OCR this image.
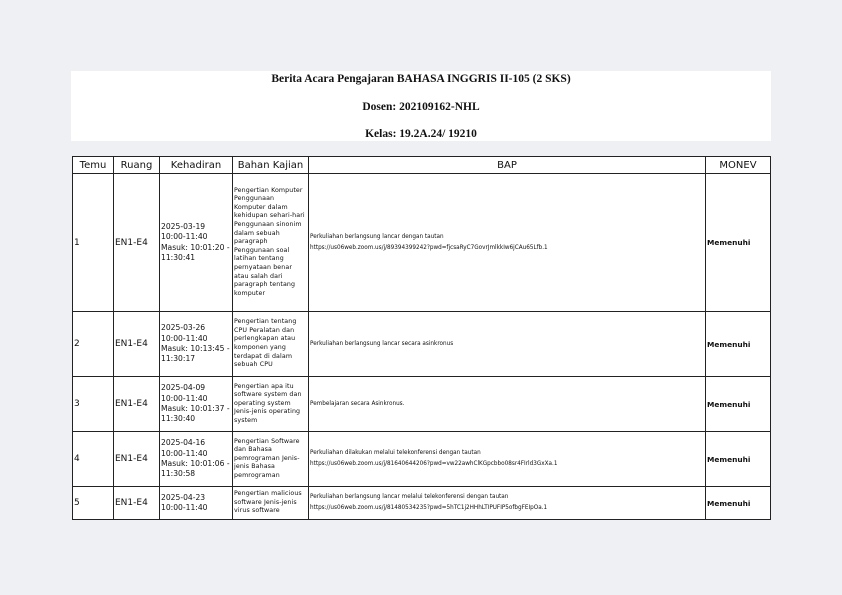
Berita Acara Pengajaran BAHASA INGGRIS II-105 (2 SKS)
Dosen: 202109162-NHL
Kelas: 19.2A.24/ 19210
Temu	Ruang	Kehadiran	Bahan Kajian	BAP	MONEV
1	EN1-E4	2025-03-19 10:00-11:40
Masuk: 10:01:20 - 11:30:41	Pengertian Komputer Penggunaan Komputer dalam kehidupan sehari-hari Penggunaan sinonim dalam sebuah paragraph Penggunaan soal latihan tentang pernyataan benar atau salah dari paragraph tentang komputer	Perkuliahan berlangsung lancar dengan tautan
https://us06web.zoom.us/j/89394399242?pwd=fjcsaRyC7GovrJmlkkIw6jCAu65Lfb.1	Memenuhi
2	EN1-E4	2025-03-26 10:00-11:40
Masuk: 10:13:45 - 11:30:17	Pengertian tentang CPU Peralatan dan perlengkapan atau komponen yang terdapat di dalam sebuah CPU	Perkuliahan berlangsung lancar secara asinkronus	Memenuhi
3	EN1-E4	2025-04-09 10:00-11:40
Masuk: 10:01:37 - 11:30:40	Pengertian apa itu software system dan operating system Jenis-jenis operating system	Pembelajaran secara Asinkronus.	Memenuhi
4	EN1-E4	2025-04-16 10:00-11:40
Masuk: 10:01:06 - 11:30:58	Pengertian Software dan Bahasa pemrograman Jenis-jenis Bahasa pemrograman	Perkuliahan dilakukan melalui telekonferensi dengan tautan
https://us06web.zoom.us/j/81640644206?pwd=vw22awhClKGpcbbo08sr4FIrld3GxXa.1	Memenuhi
5	EN1-E4	2025-04-23 10:00-11:40	Pengertian malicious software Jenis-jenis virus software	Perkuliahan berlangsung lancar melalui telekonferensi dengan tautan
https://us06web.zoom.us/j/81480534235?pwd=5hTC1j2HHhLTIPUFIP5ofbgFEIpOa.1	Memenuhi
